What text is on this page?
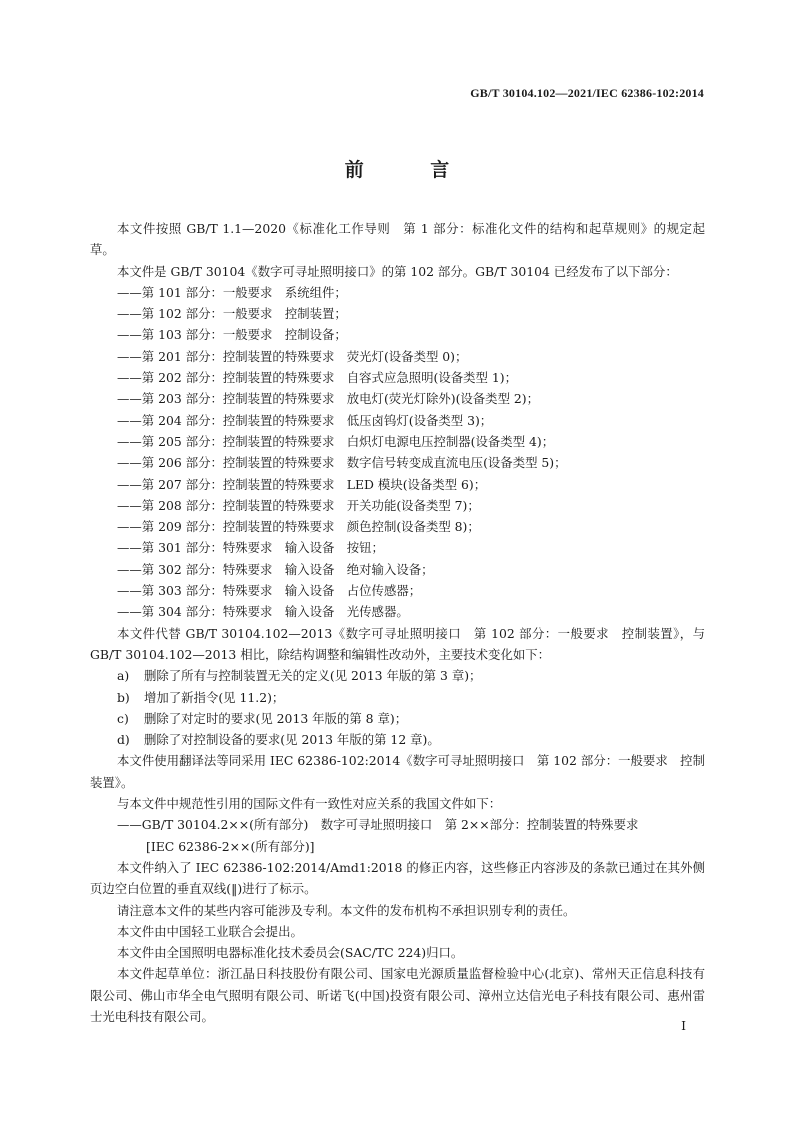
GB/T 30104.102—2021/IEC 62386-102:2014
前 言

本文件按照 GB/T 1.1—2020《标准化工作导则　第 1 部分：标准化文件的结构和起草规则》的规定起草。

本文件是 GB/T 30104《数字可寻址照明接口》的第 102 部分。GB/T 30104 已经发布了以下部分：

——第 101 部分：一般要求　系统组件；

——第 102 部分：一般要求　控制装置；

——第 103 部分：一般要求　控制设备；

——第 201 部分：控制装置的特殊要求　荧光灯(设备类型 0)；

——第 202 部分：控制装置的特殊要求　自容式应急照明(设备类型 1)；

——第 203 部分：控制装置的特殊要求　放电灯(荧光灯除外)(设备类型 2)；

——第 204 部分：控制装置的特殊要求　低压卤钨灯(设备类型 3)；

——第 205 部分：控制装置的特殊要求　白炽灯电源电压控制器(设备类型 4)；

——第 206 部分：控制装置的特殊要求　数字信号转变成直流电压(设备类型 5)；

——第 207 部分：控制装置的特殊要求　LED 模块(设备类型 6)；

——第 208 部分：控制装置的特殊要求　开关功能(设备类型 7)；

——第 209 部分：控制装置的特殊要求　颜色控制(设备类型 8)；

——第 301 部分：特殊要求　输入设备　按钮；

——第 302 部分：特殊要求　输入设备　绝对输入设备；

——第 303 部分：特殊要求　输入设备　占位传感器；

——第 304 部分：特殊要求　输入设备　光传感器。

本文件代替 GB/T 30104.102—2013《数字可寻址照明接口　第 102 部分：一般要求　控制装置》，与 GB/T 30104.102—2013 相比，除结构调整和编辑性改动外，主要技术变化如下：

a) 删除了所有与控制装置无关的定义(见 2013 年版的第 3 章)；

b) 增加了新指令(见 11.2)；

c) 删除了对定时的要求(见 2013 年版的第 8 章)；

d) 删除了对控制设备的要求(见 2013 年版的第 12 章)。

本文件使用翻译法等同采用 IEC 62386-102:2014《数字可寻址照明接口　第 102 部分：一般要求　控制装置》。

与本文件中规范性引用的国际文件有一致性对应关系的我国文件如下：

——GB/T 30104.2××(所有部分)　数字可寻址照明接口　第 2××部分：控制装置的特殊要求

[IEC 62386-2××(所有部分)]

本文件纳入了 IEC 62386-102:2014/Amd1:2018 的修正内容，这些修正内容涉及的条款已通过在其外侧页边空白位置的垂直双线(‖)进行了标示。

请注意本文件的某些内容可能涉及专利。本文件的发布机构不承担识别专利的责任。

本文件由中国轻工业联合会提出。

本文件由全国照明电器标准化技术委员会(SAC/TC 224)归口。

本文件起草单位：浙江晶日科技股份有限公司、国家电光源质量监督检验中心(北京)、常州天正信息科技有限公司、佛山市华全电气照明有限公司、昕诺飞(中国)投资有限公司、漳州立达信光电子科技有限公司、惠州雷士光电科技有限公司。

I
